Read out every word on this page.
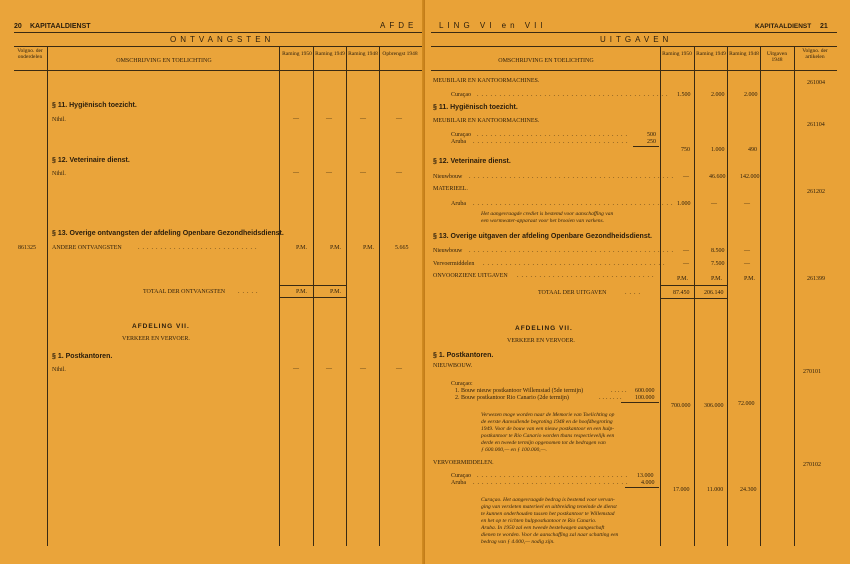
20 KAPITAALDIENST	AFDE
ONTVANGSTEN
Volgno. der onderdelen
OMSCHRIJVING EN TOELICHTING
Raming 1950 Raming 1949 Raming 1948 Opbrengst 1948
§ 11. Hygiënisch toezicht.
Nihil.	—	—	—	—
§ 12. Veterinaire dienst.
Nihil.	—	—	—	—
§ 13. Overige ontvangsten der afdeling Openbare Gezondheidsdienst.
861325	ANDERE ONTVANGSTEN	...........................	P.M.	P.M.	P.M.	5.665
TOTAAL DER ONTVANGSTEN .....	P.M.	P.M.
AFDELING VII.
VERKEER EN VERVOER.
§ 1. Postkantoren.
Nihil.	—	—	—	—
LING VI en VII	KAPITAALDIENST 21
UITGAVEN
OMSCHRIJVING EN TOELICHTING
Raming 1950 Raming 1949 Raming 1948	Uitgaven 1948
Volgno. der artikelen
MEUBILAIR EN KANTOORMACHINES.	261004
Curaçao ........................................... 1.500	2.000	2.000
§ 11. Hygiënisch toezicht.
MEUBILAIR EN KANTOORMACHINES.
261104
Curaçao ..................................	500
Aruba ...................................	250
750	1.000	490
§ 12. Veterinaire dienst.
Nieuwbouw .............................................. —	46.600 142.000
MATERIEEL.	261202
Aruba ............................................. 1.000	—	—
Het aangevraagde crediet is bestemd voor aanschaffing van
een wormwater-apparaat voor het brooien van varkens.
§ 13. Overige uitgaven der afdeling Openbare Gezondheidsdienst.
Nieuwbouw .............................................. —	8.500	—
Vervoermiddelen .........................................	—	7.500	—
ONVOORZIENE UITGAVEN ...............................	P.M.	P.M.	P.M.	261399
TOTAAL DER UITGAVEN	....	87.450 206.140
AFDELING VII.
VERKEER EN VERVOER.
§ 1. Postkantoren.
NIEUWBOUW.
270101
Curaçao:
1. Bouw nieuw postkantoor Willemstad (5de termijn)	..... 600.000
2. Bouw postkantoor Rio Canario (2de termijn)	....... 100.000
700.000 306.000 72.000
Verwezen moge worden naar de Memorie van Toelichting op
de eerste Aanvullende begroting 1948 en de hoofdbegroting
1949. Voor de bouw van een nieuw postkantoor en een hulp-
postkantoor te Rio Canario worden thans respectievelijk een
derde en tweede termijn opgenomen tot de bedragen van
ƒ 600.000,— en ƒ 100.000,—.
VERVOERMIDDELEN.	270102
Curaçao .................................. 13.000
Aruba ................................... 4.000
17.000	11.000	24.300
Curaçao. Het aangevraagde bedrag is bestemd voor vervan-
ging van versleten materieel en uitbreiding teneinde de dienst
te kunnen onderhouden tussen het postkantoor te Willemstad
en het op te richten hulppostkantoor te Rio Canario.
Aruba. In 1950 zal een tweede bestelwagen aangeschaft
dienen te worden. Voor de aanschaffing zal naar schatting een
bedrag van ƒ 4.000,— nodig zijn.
